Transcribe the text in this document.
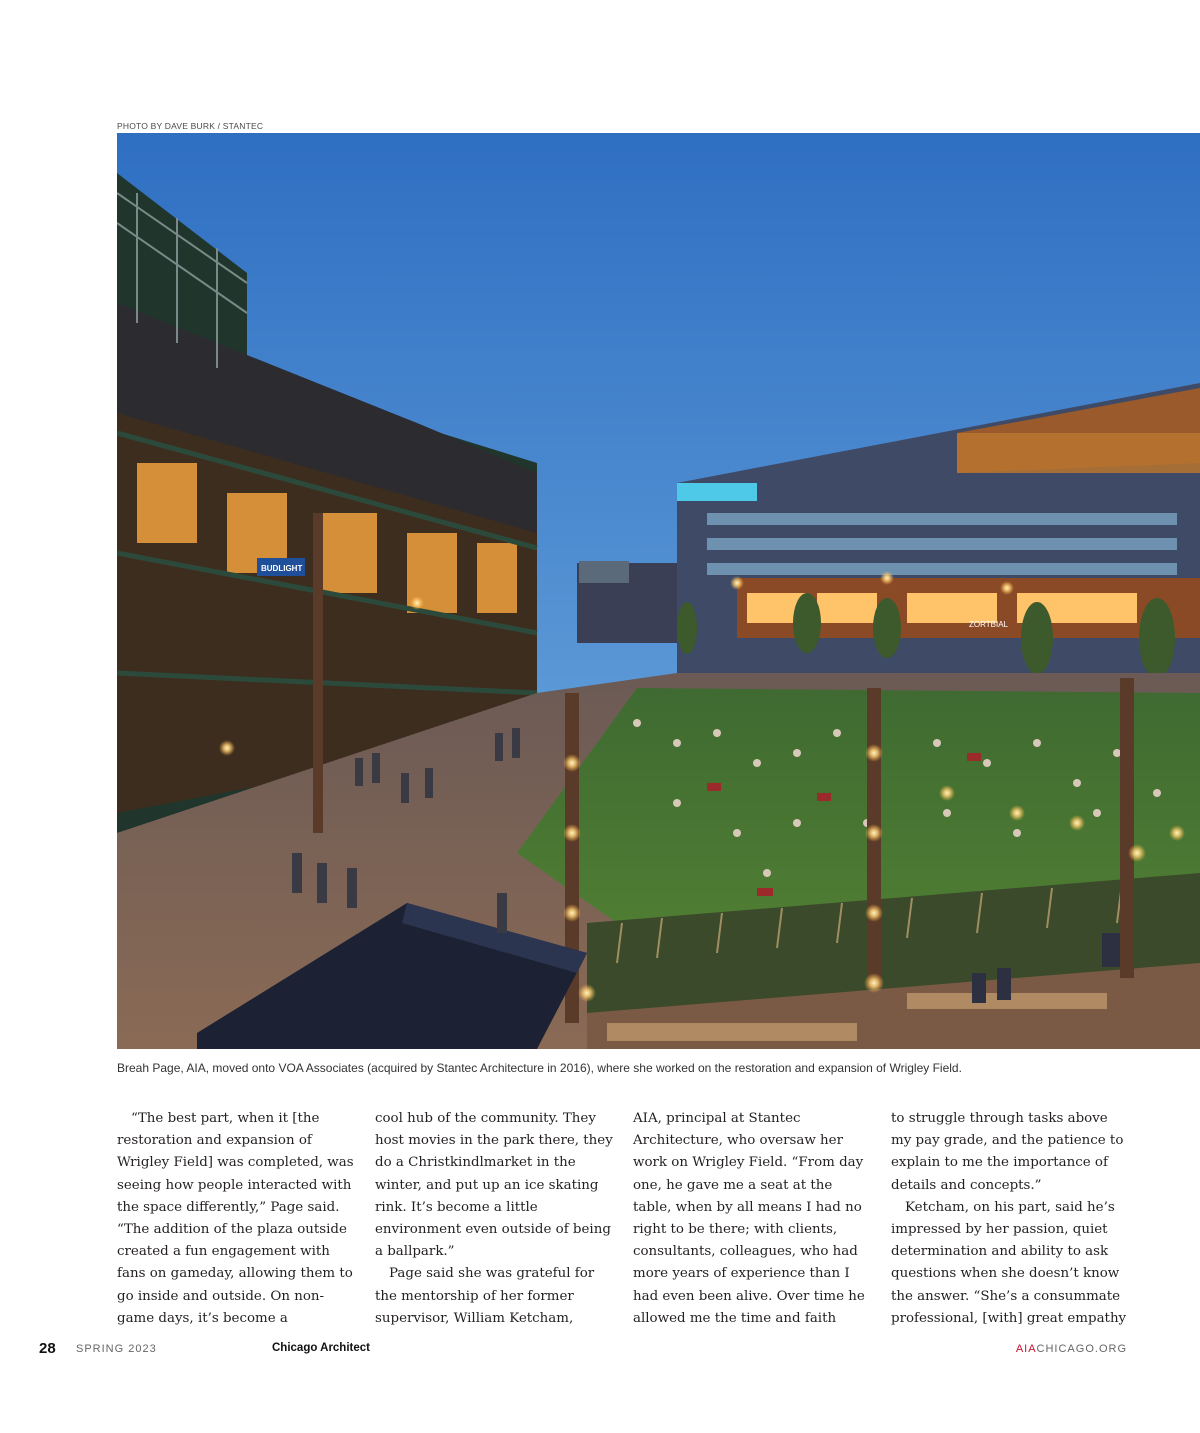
PHOTO BY DAVE BURK / STANTEC
ZORTBIAL
BUDLIGHT
Breah Page, AIA, moved onto VOA Associates (acquired by Stantec Architecture in 2016), where she worked on the restoration and expansion of Wrigley Field.

“The best part, when it [the restoration and expansion of Wrigley Field] was completed, was seeing how people interacted with the space differently,” Page said. “The addition of the plaza outside created a fun engagement with fans on gameday, allowing them to go inside and outside. On non-game days, it’s become a

cool hub of the community. They host movies in the park there, they do a Christkindlmarket in the winter, and put up an ice skating rink. It’s become a little environment even outside of being a ballpark.”

Page said she was grateful for the mentorship of her former supervisor, William Ketcham,

AIA, principal at Stantec Architecture, who oversaw her work on Wrigley Field. “From day one, he gave me a seat at the table, when by all means I had no right to be there; with clients, consultants, colleagues, who had more years of experience than I had even been alive. Over time he allowed me the time and faith

to struggle through tasks above my pay grade, and the patience to explain to me the importance of details and concepts.”

Ketcham, on his part, said he’s impressed by her passion, quiet determination and ability to ask questions when she doesn’t know the answer. “She’s a consummate professional, [with] great empathy

28 SPRING 2023	Chicago Architect	AIACHICAGO.ORG
